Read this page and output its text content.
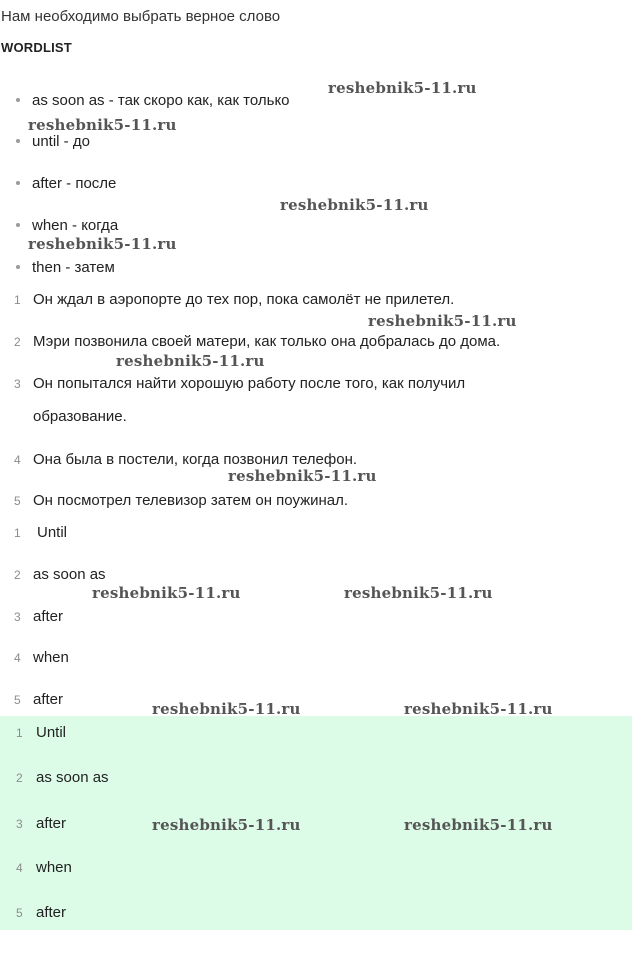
Нам необходимо выбрать верное слово
WORDLIST
as soon as - так скоро как, как только
until - до
after - после
when - когда
then - затем
1 Он ждал в аэропорте до тех пор, пока самолёт не прилетел.
2 Мэри позвонила своей матери, как только она добралась до дома.
3 Он попытался найти хорошую работу после того, как получил
образование.
4 Она была в постели, когда позвонил телефон.
5 Он посмотрел телевизор затем он поужинал.
1 Until
2 as soon as
3 after
4 when
5 after
1 Until
2 as soon as
3 after
4 when
5 after
reshebnik5-11.ru
reshebnik5-11.ru
reshebnik5-11.ru
reshebnik5-11.ru
reshebnik5-11.ru
reshebnik5-11.ru
reshebnik5-11.ru
reshebnik5-11.ru	reshebnik5-11.ru
reshebnik5-11.ru	reshebnik5-11.ru
reshebnik5-11.ru	reshebnik5-11.ru
